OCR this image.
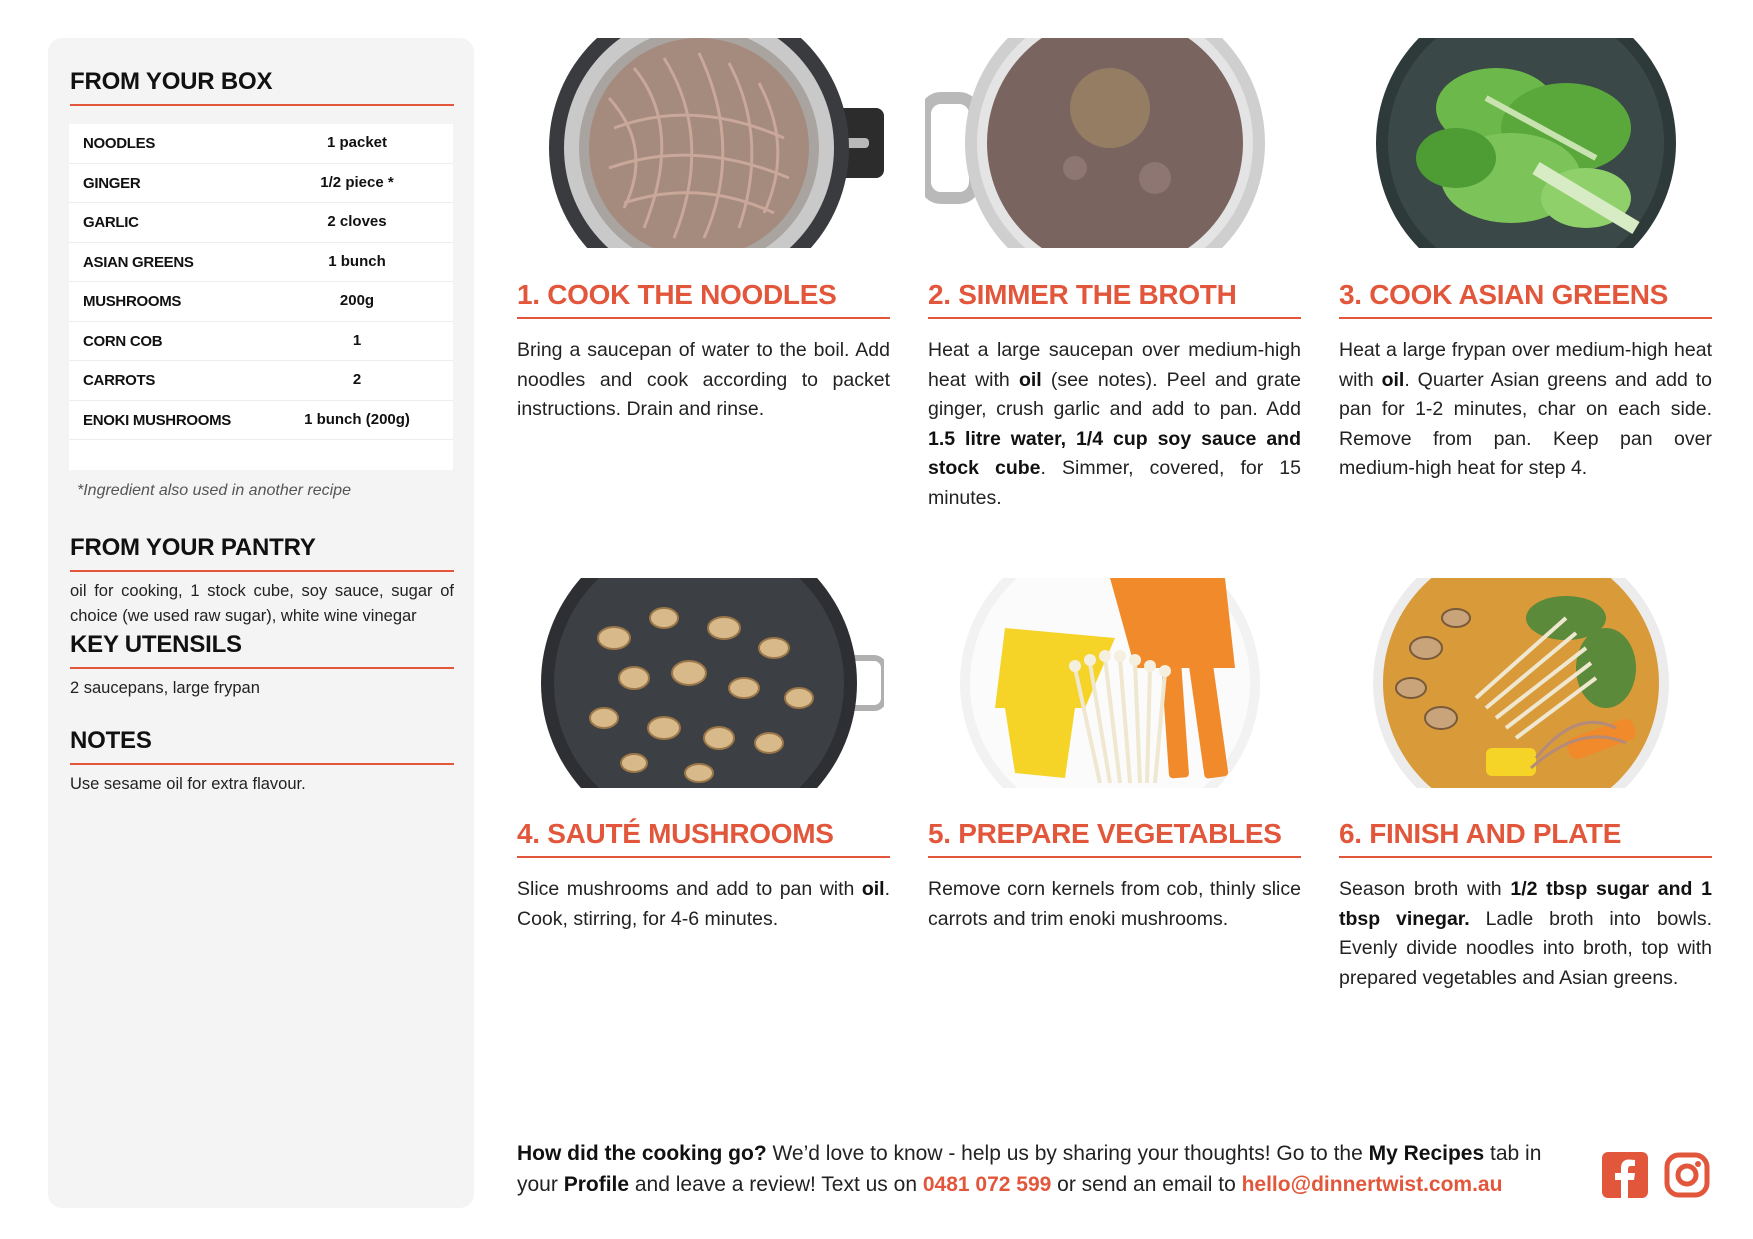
FROM YOUR BOX
NOODLES	1 packet
GINGER	1/2 piece *
GARLIC	2 cloves
ASIAN GREENS	1 bunch
MUSHROOMS	200g
CORN COB	1
CARROTS	2
ENOKI MUSHROOMS	1 bunch (200g)
*Ingredient also used in another recipe
FROM YOUR PANTRY
oil for cooking, 1 stock cube, soy sauce, sugar of choice (we used raw sugar), white wine vinegar
KEY UTENSILS
2 saucepans, large frypan
NOTES
Use sesame oil for extra flavour.
1. COOK THE NOODLES
Bring a saucepan of water to the boil. Add noodles and cook according to packet instructions. Drain and rinse.
2. SIMMER THE BROTH
Heat a large saucepan over medium-high heat with oil (see notes). Peel and grate ginger, crush garlic and add to pan. Add 1.5 litre water, 1/4 cup soy sauce and stock cube. Simmer, covered, for 15 minutes.
3. COOK ASIAN GREENS
Heat a large frypan over medium-high heat with oil. Quarter Asian greens and add to pan for 1-2 minutes, char on each side. Remove from pan. Keep pan over medium-high heat for step 4.
4. SAUTÉ MUSHROOMS
Slice mushrooms and add to pan with oil. Cook, stirring, for 4-6 minutes.
5. PREPARE VEGETABLES
Remove corn kernels from cob, thinly slice carrots and trim enoki mushrooms.
6. FINISH AND PLATE
Season broth with 1/2 tbsp sugar and 1 tbsp vinegar. Ladle broth into bowls. Evenly divide noodles into broth, top with prepared vegetables and Asian greens.
How did the cooking go? We’d love to know - help us by sharing your thoughts! Go to the My Recipes tab in your Profile and leave a review! Text us on 0481 072 599 or send an email to hello@dinnertwist.com.au
